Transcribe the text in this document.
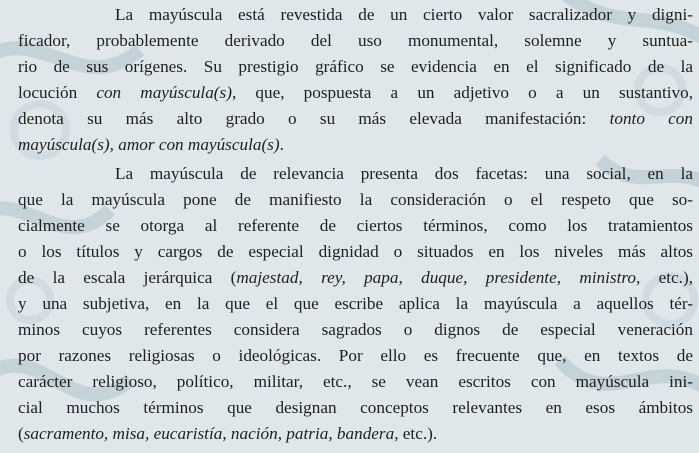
La mayúscula está revestida de un cierto valor sacralizador y digni-
ficador, probablemente derivado del uso monumental, solemne y suntua-
rio de sus orígenes. Su prestigio gráfico se evidencia en el significado de la
locución con mayúscula(s), que, pospuesta a un adjetivo o a un sustantivo,
denota su más alto grado o su más elevada manifestación: tonto con
mayúscula(s), amor con mayúscula(s).
La mayúscula de relevancia presenta dos facetas: una social, en la
que la mayúscula pone de manifiesto la consideración o el respeto que so-
cialmente se otorga al referente de ciertos términos, como los tratamientos
o los títulos y cargos de especial dignidad o situados en los niveles más altos
de la escala jerárquica (majestad, rey, papa, duque, presidente, ministro, etc.),
y una subjetiva, en la que el que escribe aplica la mayúscula a aquellos tér-
minos cuyos referentes considera sagrados o dignos de especial veneración
por razones religiosas o ideológicas. Por ello es frecuente que, en textos de
carácter religioso, político, militar, etc., se vean escritos con mayúscula ini-
cial muchos términos que designan conceptos relevantes en esos ámbitos
(sacramento, misa, eucaristía, nación, patria, bandera, etc.).
